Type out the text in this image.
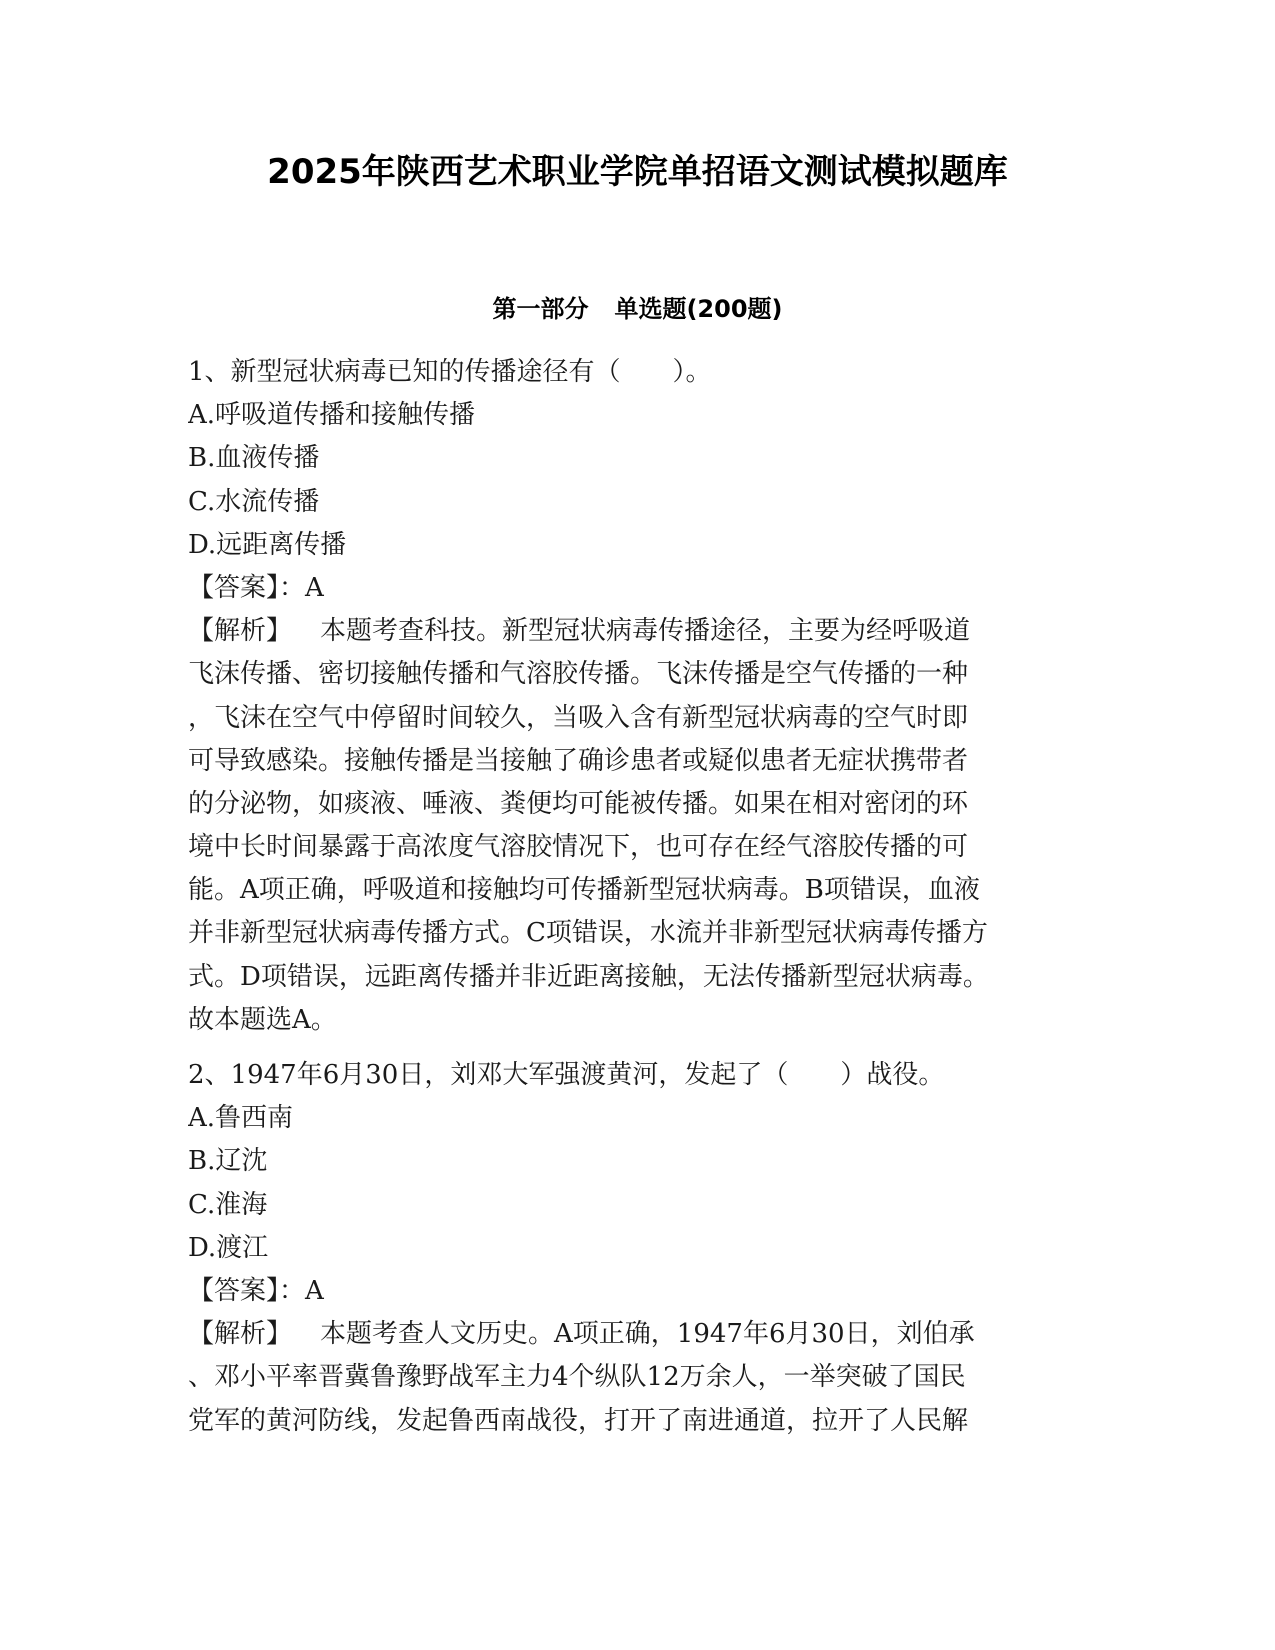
2025年陕西艺术职业学院单招语文测试模拟题库
第一部分 单选题(200题)
1、新型冠状病毒已知的传播途径有（　　）。
A.呼吸道传播和接触传播
B.血液传播
C.水流传播
D.远距离传播
【答案】：A
【解析】 本题考查科技。新型冠状病毒传播途径，主要为经呼吸道
飞沫传播、密切接触传播和气溶胶传播。飞沫传播是空气传播的一种
，飞沫在空气中停留时间较久，当吸入含有新型冠状病毒的空气时即
可导致感染。接触传播是当接触了确诊患者或疑似患者无症状携带者
的分泌物，如痰液、唾液、粪便均可能被传播。如果在相对密闭的环
境中长时间暴露于高浓度气溶胶情况下，也可存在经气溶胶传播的可
能。A项正确，呼吸道和接触均可传播新型冠状病毒。B项错误，血液
并非新型冠状病毒传播方式。C项错误，水流并非新型冠状病毒传播方
式。D项错误，远距离传播并非近距离接触，无法传播新型冠状病毒。
故本题选A。
2、1947年6月30日，刘邓大军强渡黄河，发起了（　　）战役。
A.鲁西南
B.辽沈
C.淮海
D.渡江
【答案】：A
【解析】 本题考查人文历史。A项正确，1947年6月30日，刘伯承
、邓小平率晋冀鲁豫野战军主力4个纵队12万余人，一举突破了国民
党军的黄河防线，发起鲁西南战役，打开了南进通道，拉开了人民解
